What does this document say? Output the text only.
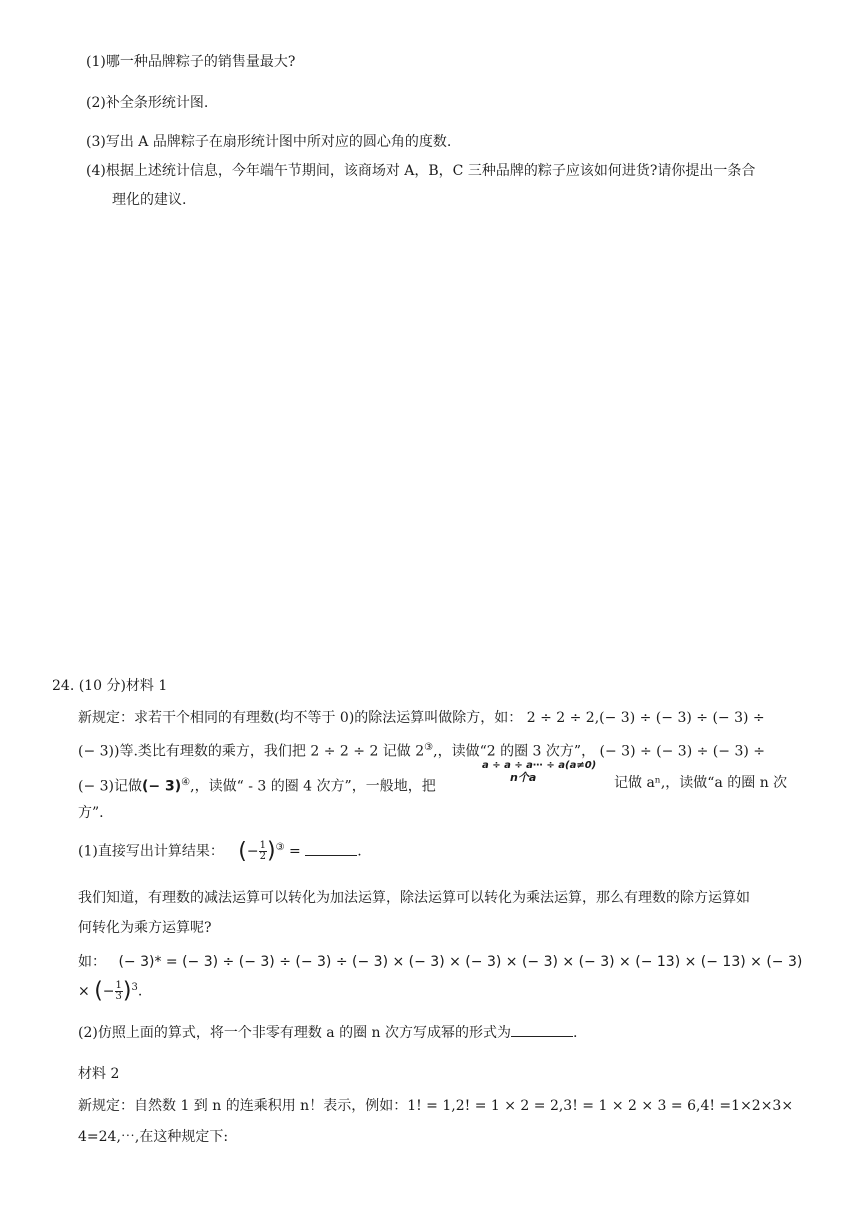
(1)哪一种品牌粽子的销售量最大?
(2)补全条形统计图.
(3)写出 A 品牌粽子在扇形统计图中所对应的圆心角的度数.
(4)根据上述统计信息，今年端午节期间，该商场对 A，B，C 三种品牌的粽子应该如何进货?请你提出一条合
理化的建议.
24. (10 分)材料 1
新规定：求若干个相同的有理数(均不等于 0)的除法运算叫做除方，如： 2 ÷ 2 ÷ 2,(− 3) ÷ (− 3) ÷ (− 3) ÷
(− 3))等.类比有理数的乘方，我们把 2 ÷ 2 ÷ 2 记做 2③,，读做“2 的圈 3 次方”， (− 3) ÷ (− 3) ÷ (− 3) ÷
(− 3)记做(− 3)④,，读做“ - 3 的圈 4 次方”，一般地，把
a ÷ a ÷ a⋯ ÷ a(a≠0)
n个a	记做 aⁿ,，读做“a 的圈 n 次
方”.
(1)直接写出计算结果： (− $\frac{1}{2} )^③$ =	.
我们知道，有理数的减法运算可以转化为加法运算，除法运算可以转化为乘法运算，那么有理数的除方运算如
何转化为乘方运算呢?
如： (− 3)* = (− 3) ÷ (− 3) ÷ (− 3) ÷ (− 3) × (− 3) × (− 3) × (− 3) × (− 3) × (− 13) × (− 13) × (− 3)
× (− $\frac{1}{3} )^3$.
(2)仿照上面的算式，将一个非零有理数 a 的圈 n 次方写成幂的形式为	.
材料 2
新规定：自然数 1 到 n 的连乘积用 n！表示，例如：1! = 1,2! = 1 × 2 = 2,3! = 1 × 2 × 3 = 6,4! =1×2×3×
4=24,⋯,在这种规定下:
